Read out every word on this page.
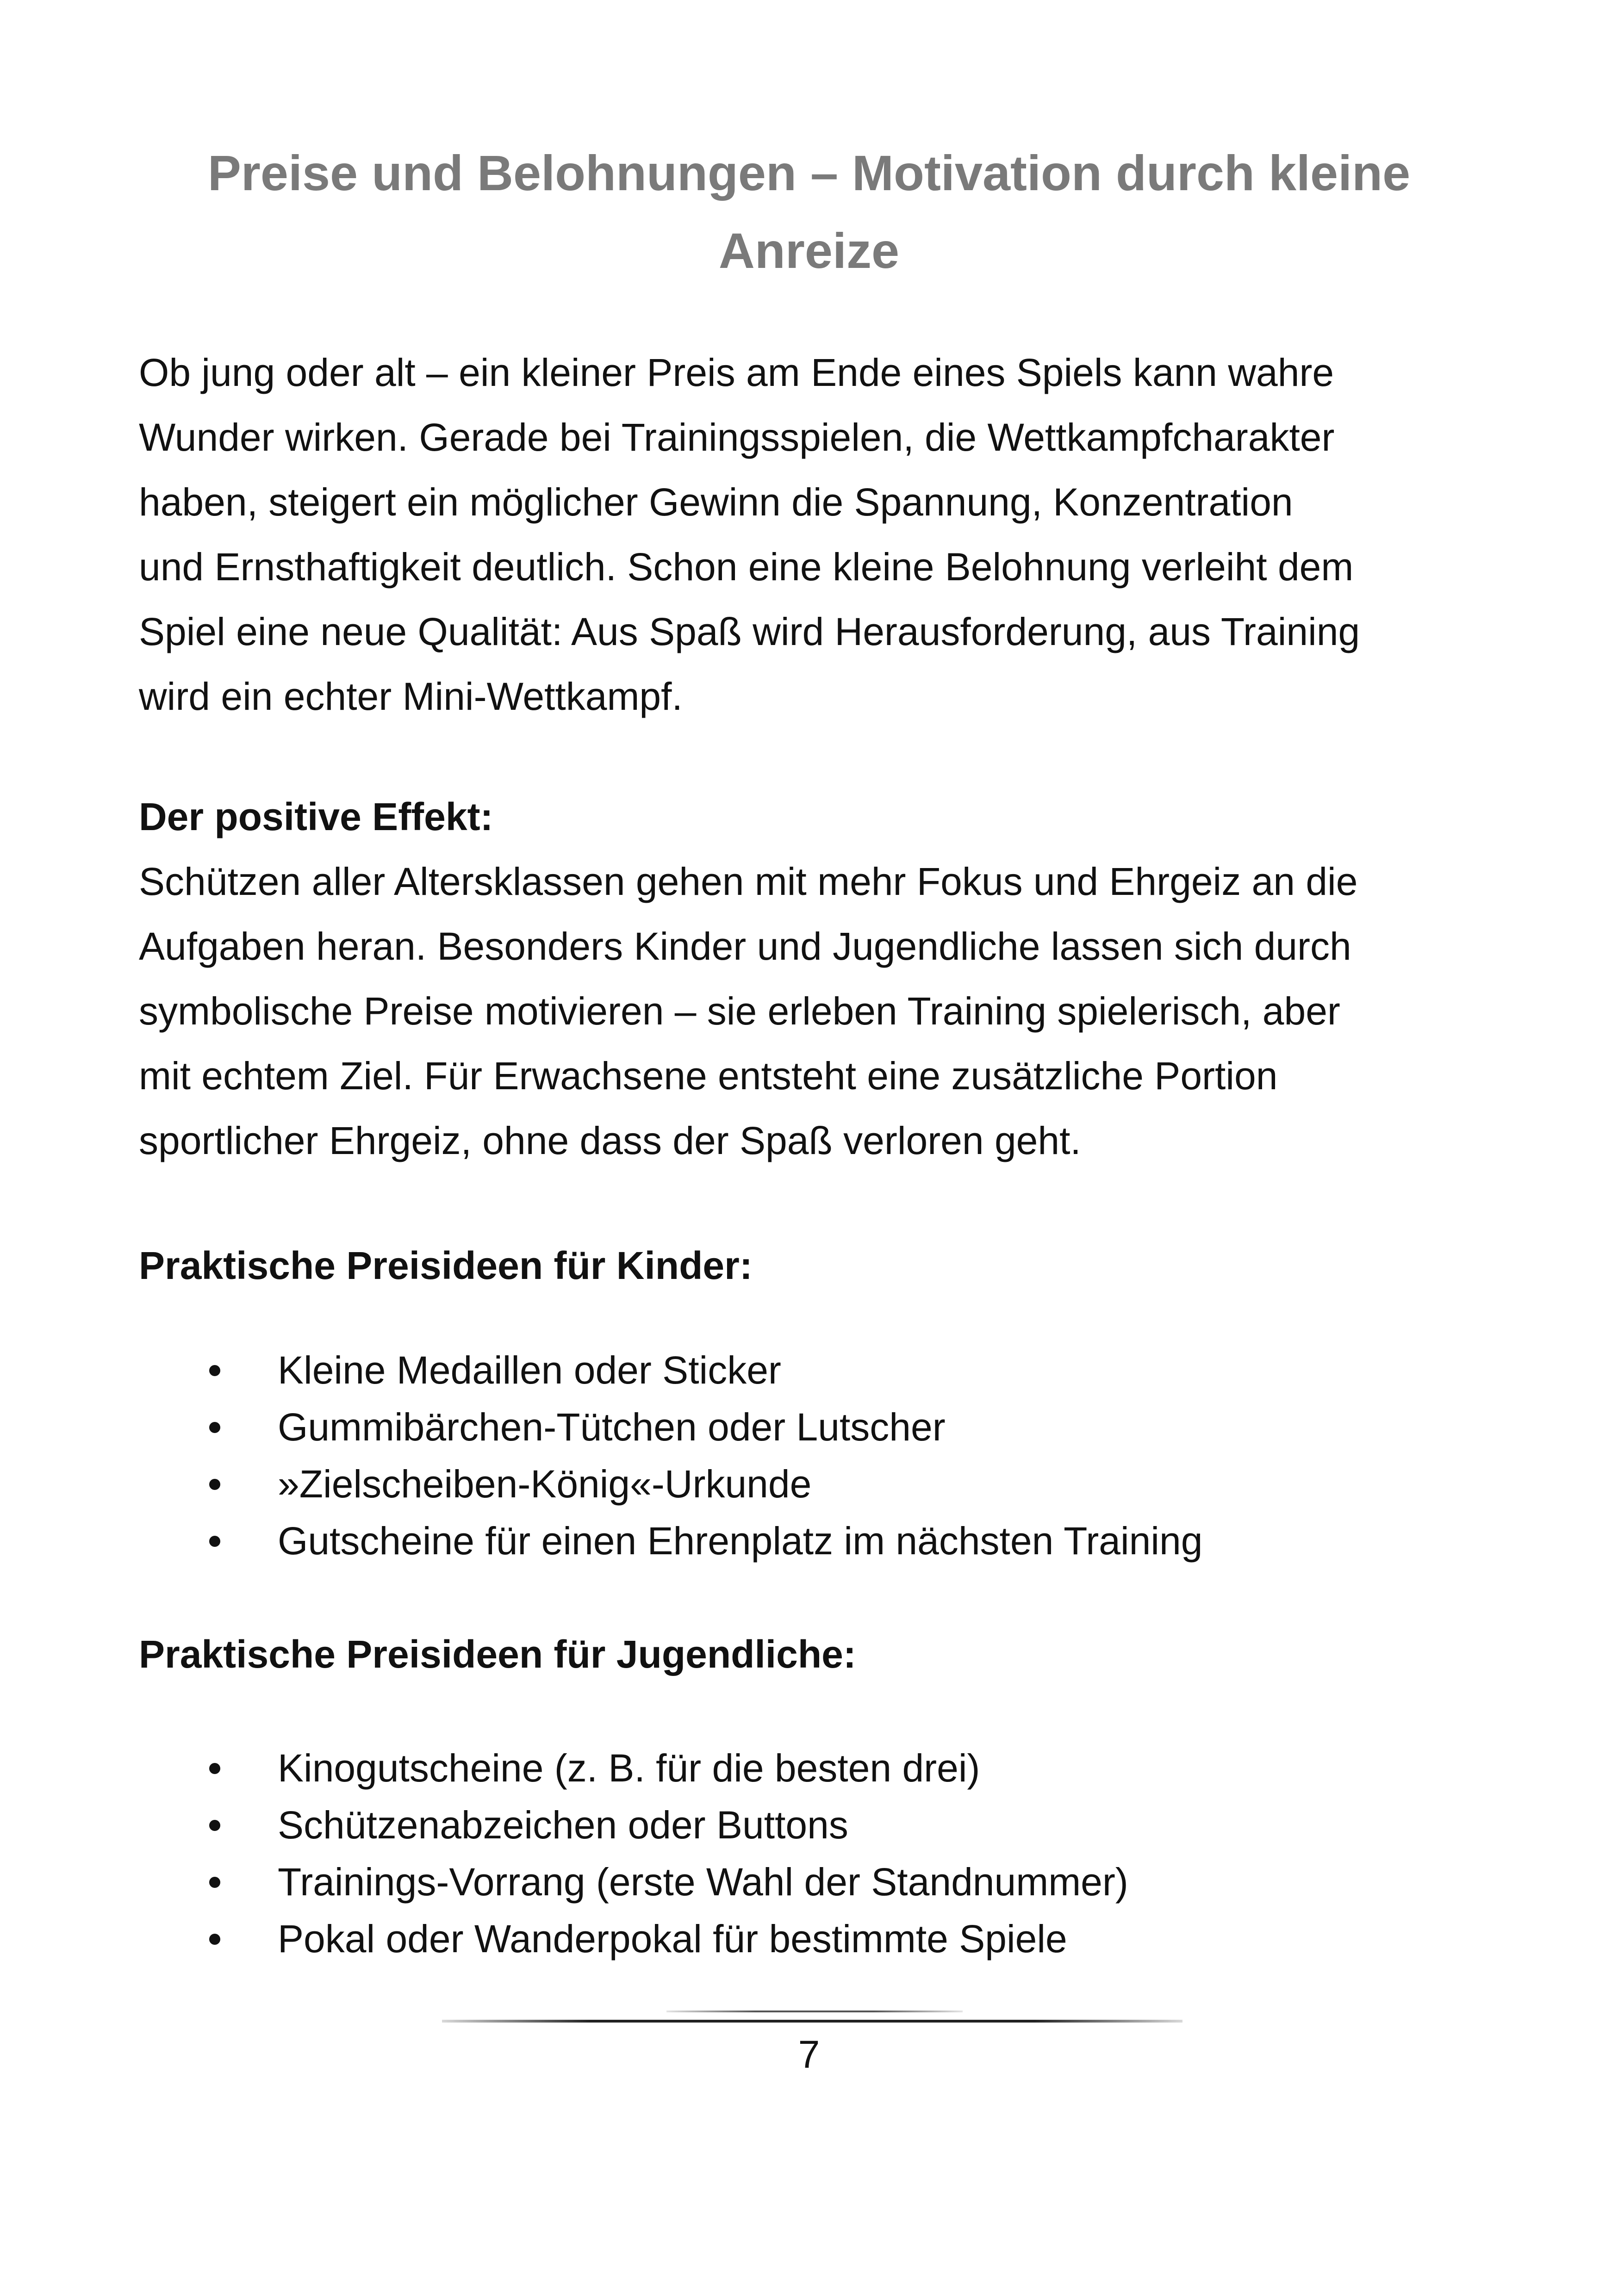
Preise und Belohnungen – Motivation durch kleine
Anreize
Ob jung oder alt – ein kleiner Preis am Ende eines Spiels kann wahre
Wunder wirken. Gerade bei Trainingsspielen, die Wettkampfcharakter
haben, steigert ein möglicher Gewinn die Spannung, Konzentration
und Ernsthaftigkeit deutlich. Schon eine kleine Belohnung verleiht dem
Spiel eine neue Qualität: Aus Spaß wird Herausforderung, aus Training
wird ein echter Mini-Wettkampf.
Der positive Effekt:
Schützen aller Altersklassen gehen mit mehr Fokus und Ehrgeiz an die
Aufgaben heran. Besonders Kinder und Jugendliche lassen sich durch
symbolische Preise motivieren – sie erleben Training spielerisch, aber
mit echtem Ziel. Für Erwachsene entsteht eine zusätzliche Portion
sportlicher Ehrgeiz, ohne dass der Spaß verloren geht.
Praktische Preisideen für Kinder:
Kleine Medaillen oder Sticker
Gummibärchen-Tütchen oder Lutscher
»Zielscheiben-König«-Urkunde
Gutscheine für einen Ehrenplatz im nächsten Training
Praktische Preisideen für Jugendliche:
Kinogutscheine (z. B. für die besten drei)
Schützenabzeichen oder Buttons
Trainings-Vorrang (erste Wahl der Standnummer)
Pokal oder Wanderpokal für bestimmte Spiele
7
